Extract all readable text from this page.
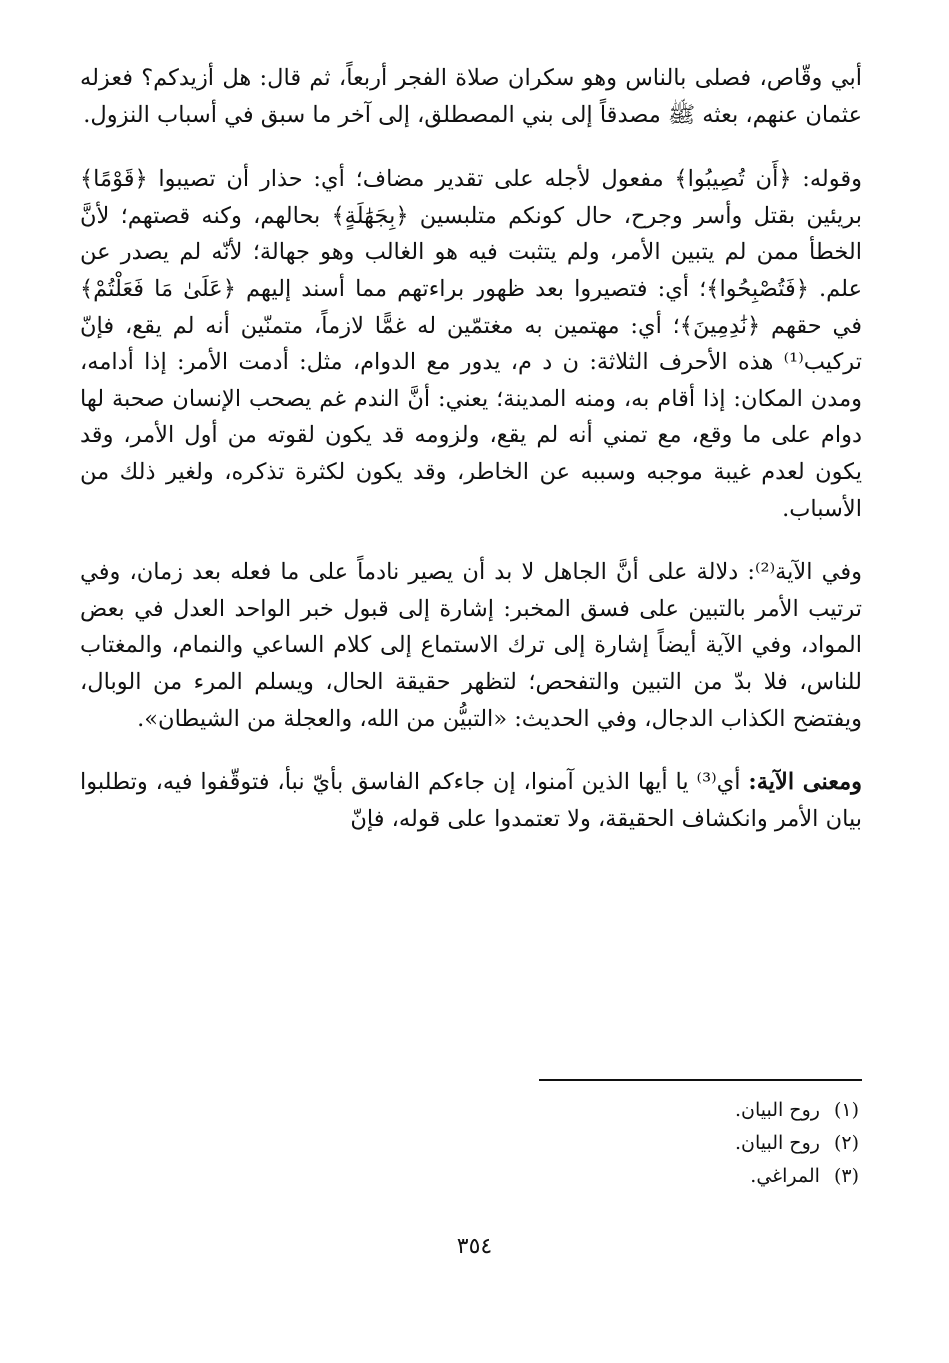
أبي وقّاص، فصلى بالناس وهو سكران صلاة الفجر أربعاً، ثم قال: هل أزيدكم؟ فعزله عثمان عنهم، بعثه ﷺ مصدقاً إلى بني المصطلق، إلى آخر ما سبق في أسباب النزول.

وقوله: ﴿أَن تُصِيبُوا﴾ مفعول لأجله على تقدير مضاف؛ أي: حذار أن تصيبوا ﴿قَوْمًا﴾ بريئين بقتل وأسر وجرح، حال كونكم متلبسين ﴿بِجَهَٰلَةٍ﴾ بحالهم، وكنه قصتهم؛ لأنَّ الخطأ ممن لم يتبين الأمر، ولم يتثبت فيه هو الغالب وهو جهالة؛ لأنّه لم يصدر عن علم. ﴿فَتُصْبِحُوا﴾؛ أي: فتصيروا بعد ظهور براءتهم مما أسند إليهم ﴿عَلَىٰ مَا فَعَلْتُمْ﴾ في حقهم ﴿نَٰدِمِينَ﴾؛ أي: مهتمين به مغتمّين له غمًّا لازماً، متمنّين أنه لم يقع، فإنّ تركيب⁽¹⁾ هذه الأحرف الثلاثة: ن د م، يدور مع الدوام، مثل: أدمت الأمر: إذا أدامه، ومدن المكان: إذا أقام به، ومنه المدينة؛ يعني: أنَّ الندم غم يصحب الإنسان صحبة لها دوام على ما وقع، مع تمني أنه لم يقع، ولزومه قد يكون لقوته من أول الأمر، وقد يكون لعدم غيبة موجبه وسببه عن الخاطر، وقد يكون لكثرة تذكره، ولغير ذلك من الأسباب.

وفي الآية⁽²⁾: دلالة على أنَّ الجاهل لا بد أن يصير نادماً على ما فعله بعد زمان، وفي ترتيب الأمر بالتبين على فسق المخبر: إشارة إلى قبول خبر الواحد العدل في بعض المواد، وفي الآية أيضاً إشارة إلى ترك الاستماع إلى كلام الساعي والنمام، والمغتاب للناس، فلا بدّ من التبين والتفحص؛ لتظهر حقيقة الحال، ويسلم المرء من الوبال، ويفتضح الكذاب الدجال، وفي الحديث: «التبيُّن من الله، والعجلة من الشيطان».

ومعنى الآية: أي⁽³⁾ يا أيها الذين آمنوا، إن جاءكم الفاسق بأيّ نبأ، فتوقّفوا فيه، وتطلبوا بيان الأمر وانكشاف الحقيقة، ولا تعتمدوا على قوله، فإنّ

(١)روح البيان.
(٢)روح البيان.
(٣)المراغي.
٣٥٤
